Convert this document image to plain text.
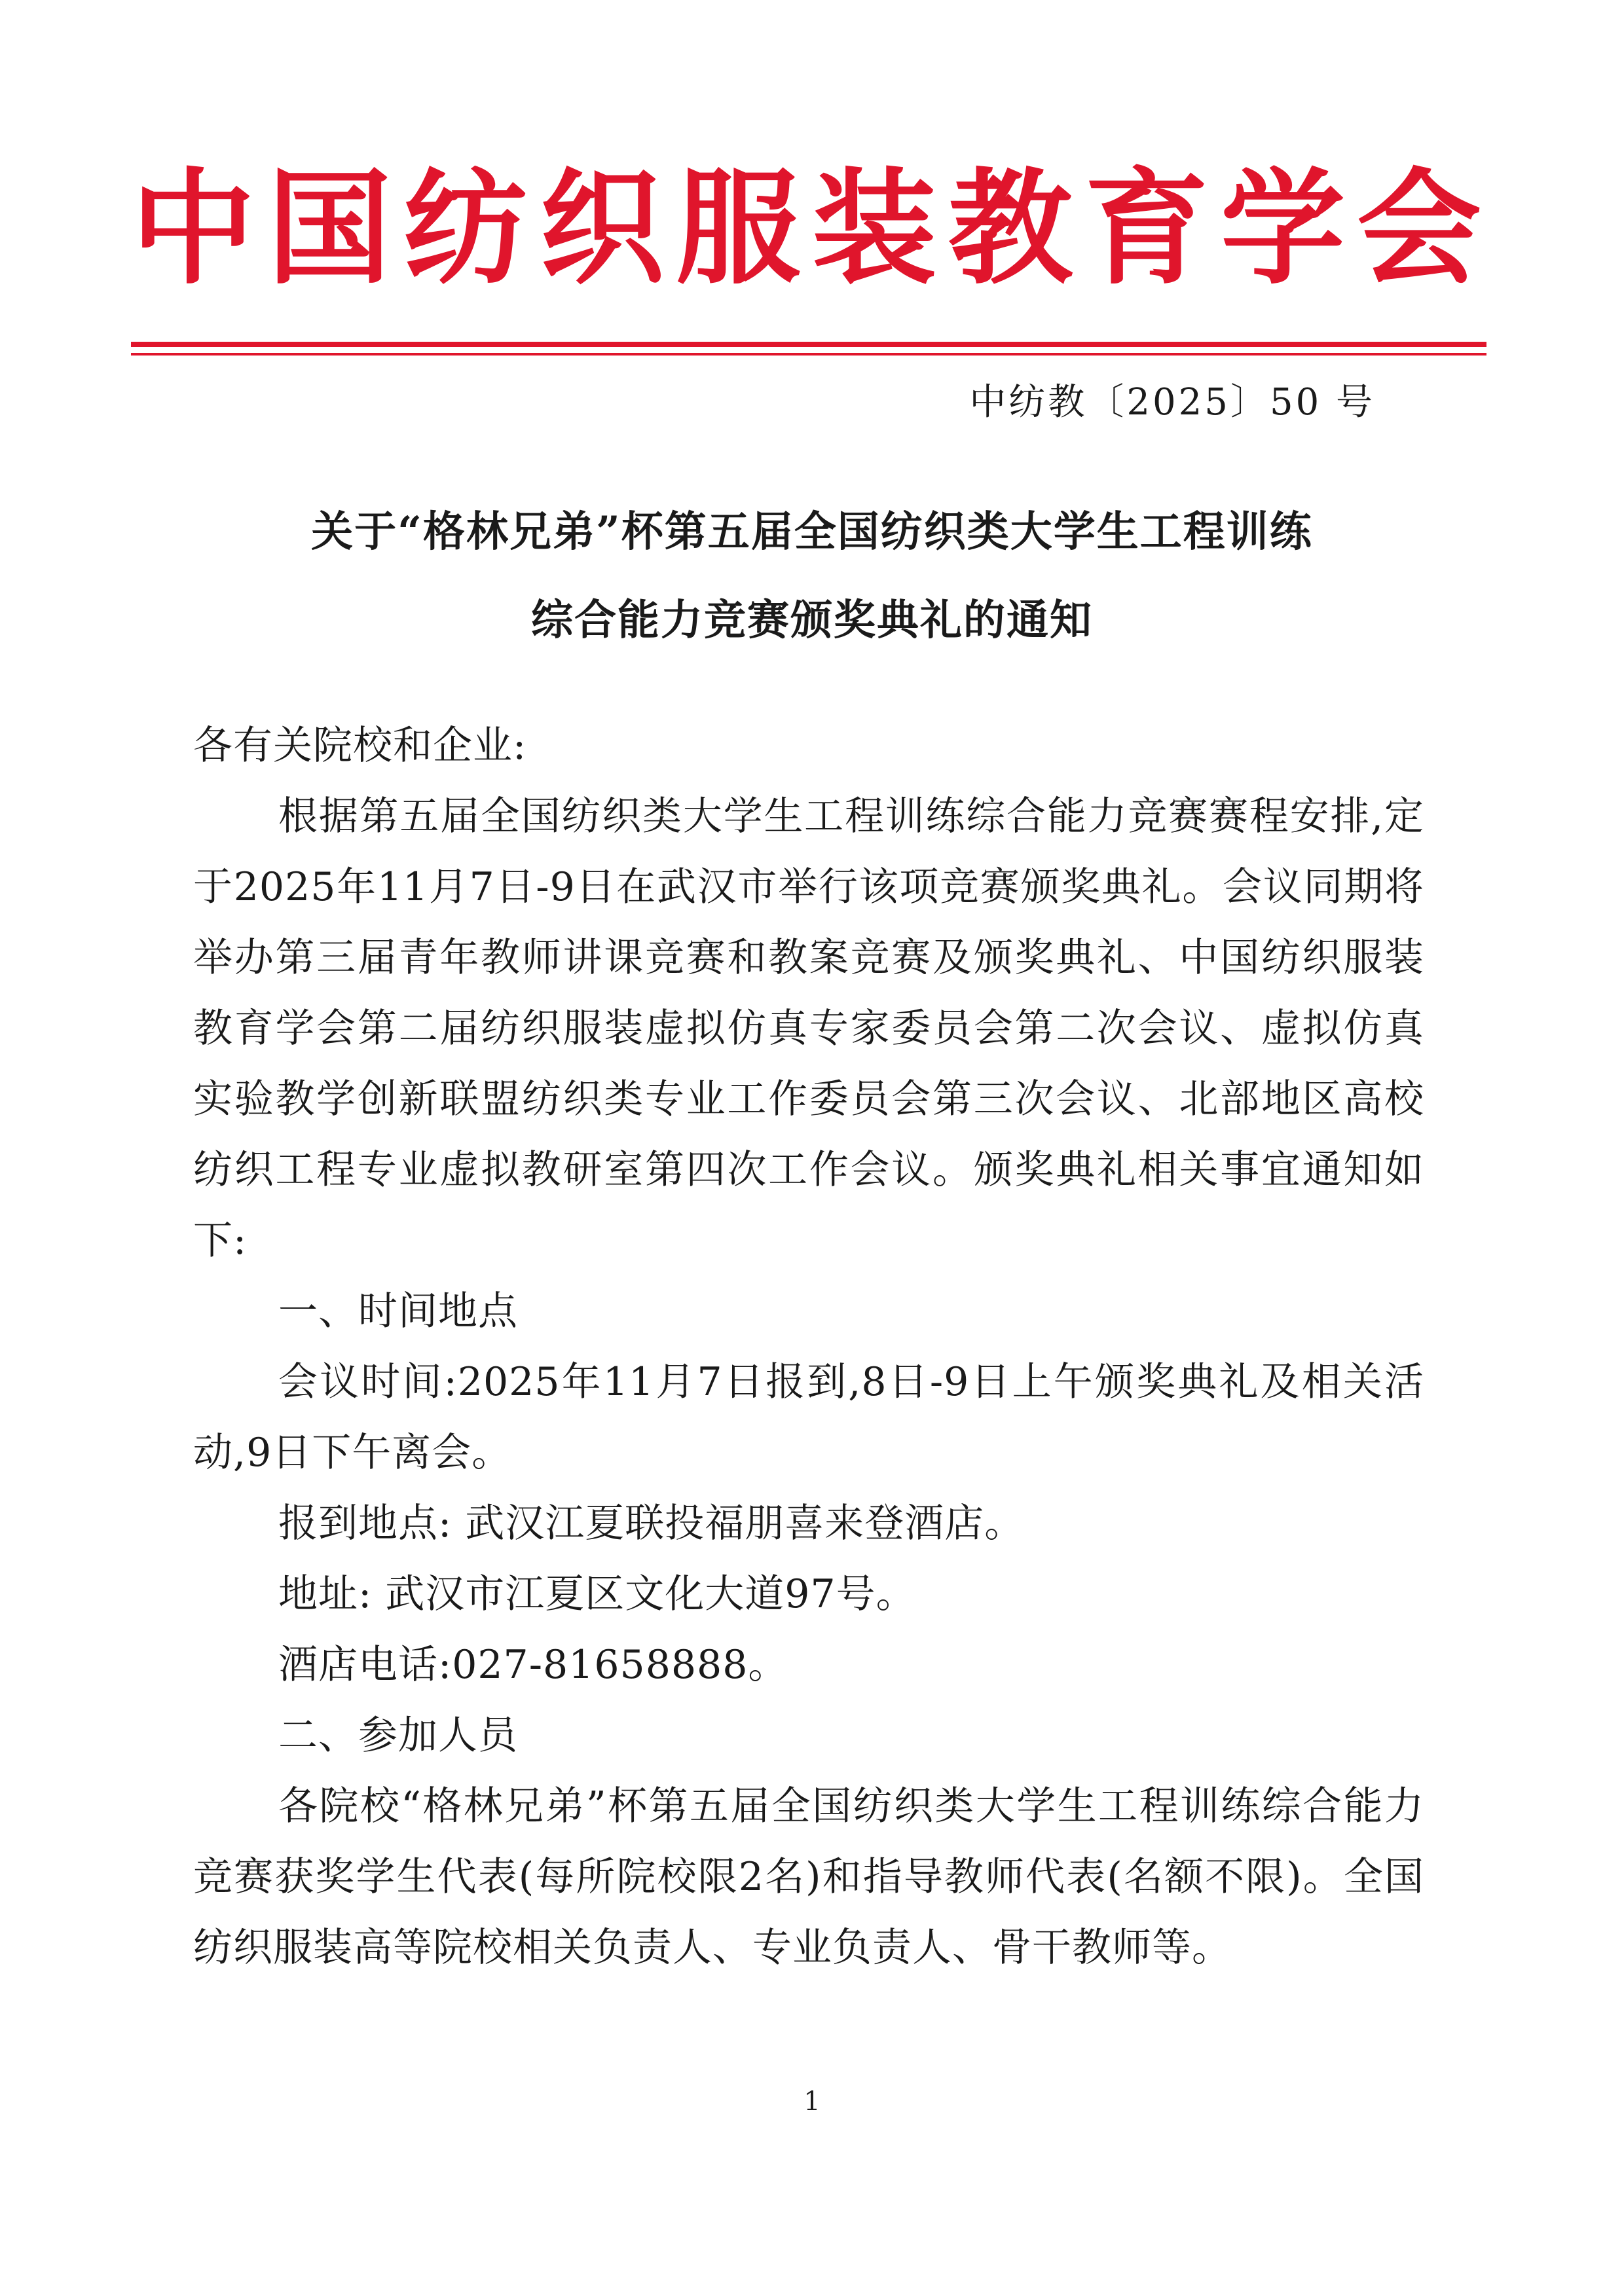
中国纺织服装教育学会
中纺教〔2025〕50 号
关于“格林兄弟”杯第五届全国纺织类大学生工程训练
综合能力竞赛颁奖典礼的通知

各有关院校和企业:

根据第五届全国纺织类大学生工程训练综合能力竞赛赛程安排,定于2025年11月7日-9日在武汉市举行该项竞赛颁奖典礼。会议同期将举办第三届青年教师讲课竞赛和教案竞赛及颁奖典礼、中国纺织服装教育学会第二届纺织服装虚拟仿真专家委员会第二次会议、虚拟仿真实验教学创新联盟纺织类专业工作委员会第三次会议、北部地区高校纺织工程专业虚拟教研室第四次工作会议。颁奖典礼相关事宜通知如下:

一、时间地点

会议时间:2025年11月7日报到,8日-9日上午颁奖典礼及相关活动,9日下午离会。

报到地点: 武汉江夏联投福朋喜来登酒店。

地址: 武汉市江夏区文化大道97号。

酒店电话:027-81658888。

二、参加人员

各院校“格林兄弟”杯第五届全国纺织类大学生工程训练综合能力竞赛获奖学生代表(每所院校限2名)和指导教师代表(名额不限)。全国纺织服装高等院校相关负责人、专业负责人、骨干教师等。

1
